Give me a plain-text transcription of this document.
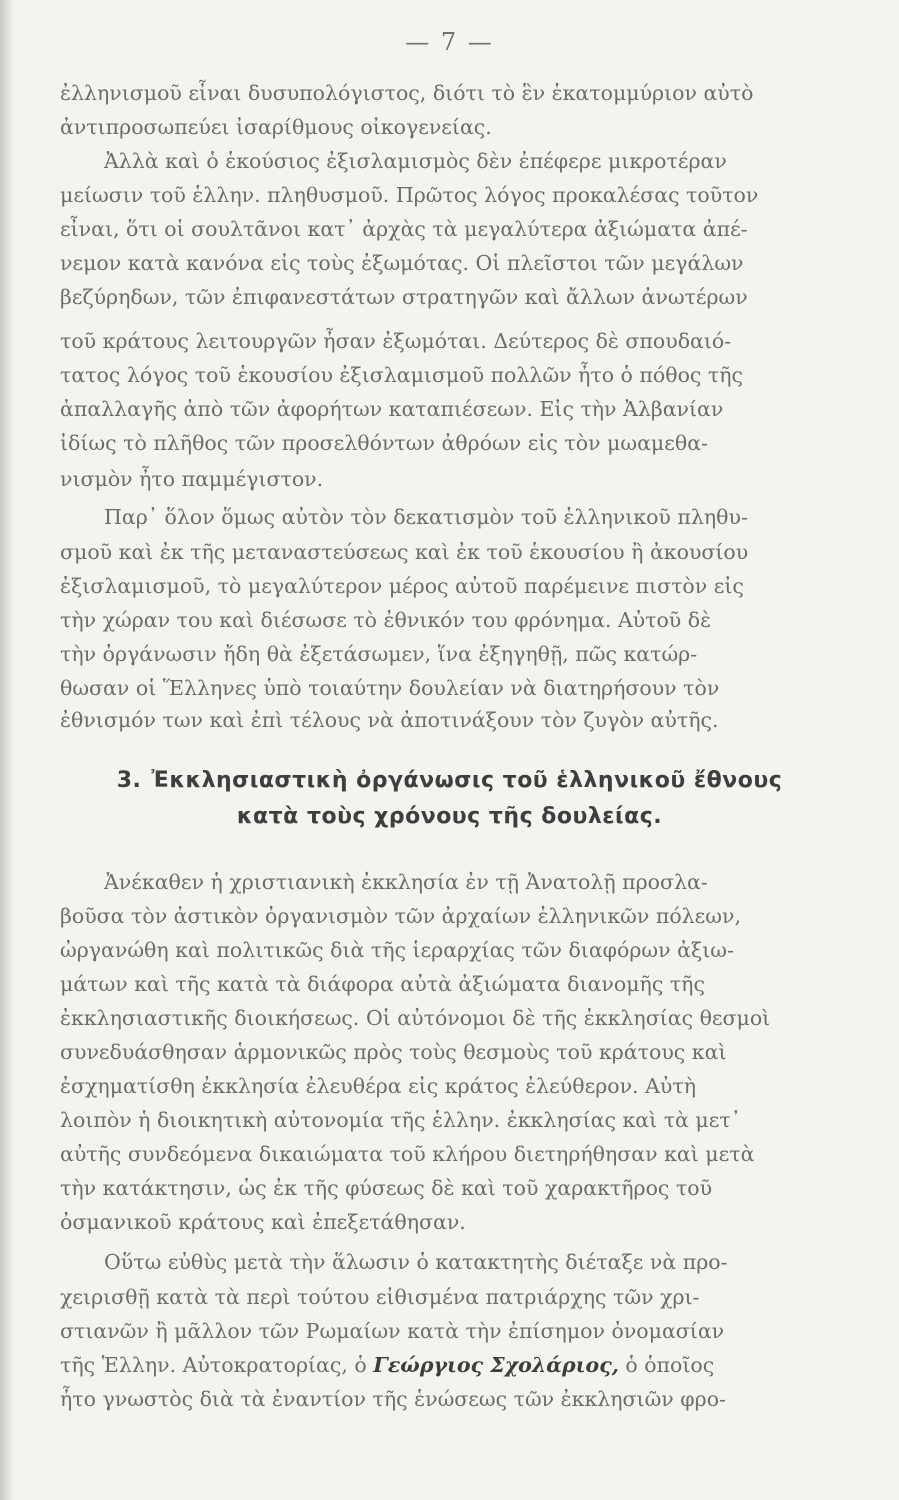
— 7 —
ἐλληνισμοῦ εἶναι δυσυπολόγιστος, διότι τὸ ἓν ἑκατομμύριον αὐτὸ
ἀντιπροσωπεύει ἰσαρίθμους οἰκογενείας.
Ἀλλὰ καὶ ὁ ἑκούσιος ἐξισλαμισμὸς δὲν ἐπέφερε μικροτέραν
μείωσιν τοῦ ἑλλην. πληθυσμοῦ. Πρῶτος λόγος προκαλέσας τοῦτον
εἶναι, ὅτι οἱ σουλτᾶνοι κατ᾿ ἀρχὰς τὰ μεγαλύτερα ἀξιώματα ἀπέ-
νεμον κατὰ κανόνα εἰς τοὺς ἐξωμότας. Οἱ πλεῖστοι τῶν μεγάλων
βεζύρηδων, τῶν ἐπιφανεστάτων στρατηγῶν καὶ ἄλλων ἀνωτέρων
τοῦ κράτους λειτουργῶν ἦσαν ἐξωμόται. Δεύτερος δὲ σπουδαιό-
τατος λόγος τοῦ ἑκουσίου ἐξισλαμισμοῦ πολλῶν ἦτο ὁ πόθος τῆς
ἀπαλλαγῆς ἀπὸ τῶν ἀφορήτων καταπιέσεων. Εἰς τὴν Ἀλβανίαν
ἰδίως τὸ πλῆθος τῶν προσελθόντων ἀθρόων εἰς τὸν μωαμεθα-
νισμὸν ἦτο παμμέγιστον.
Παρ᾿ ὅλον ὅμως αὐτὸν τὸν δεκατισμὸν τοῦ ἑλληνικοῦ πληθυ-
σμοῦ καὶ ἐκ τῆς μεταναστεύσεως καὶ ἐκ τοῦ ἑκουσίου ἢ ἀκουσίου
ἐξισλαμισμοῦ, τὸ μεγαλύτερον μέρος αὐτοῦ παρέμεινε πιστὸν εἰς
τὴν χώραν του καὶ διέσωσε τὸ ἐθνικόν του φρόνημα. Αὐτοῦ δὲ
τὴν ὀργάνωσιν ἤδη θὰ ἐξετάσωμεν, ἵνα ἐξηγηθῇ, πῶς κατώρ-
θωσαν οἱ Ἕλληνες ὑπὸ τοιαύτην δουλείαν νὰ διατηρήσουν τὸν
ἐθνισμόν των καὶ ἐπὶ τέλους νὰ ἀποτινάξουν τὸν ζυγὸν αὐτῆς.
3. Ἐκκλησιαστικὴ ὀργάνωσις τοῦ ἑλληνικοῦ ἔθνους
κατὰ τοὺς χρόνους τῆς δουλείας.
Ἀνέκαθεν ἡ χριστιανικὴ ἐκκλησία ἐν τῇ Ἀνατολῇ προσλα-
βοῦσα τὸν ἀστικὸν ὀργανισμὸν τῶν ἀρχαίων ἑλληνικῶν πόλεων,
ὠργανώθη καὶ πολιτικῶς διὰ τῆς ἱεραρχίας τῶν διαφόρων ἀξιω-
μάτων καὶ τῆς κατὰ τὰ διάφορα αὐτὰ ἀξιώματα διανομῆς τῆς
ἐκκλησιαστικῆς διοικήσεως. Οἱ αὐτόνομοι δὲ τῆς ἐκκλησίας θεσμοὶ
συνεδυάσθησαν ἁρμονικῶς πρὸς τοὺς θεσμοὺς τοῦ κράτους καὶ
ἐσχηματίσθη ἐκκλησία ἐλευθέρα εἰς κράτος ἐλεύθερον. Αὐτὴ
λοιπὸν ἡ διοικητικὴ αὐτονομία τῆς ἑλλην. ἐκκλησίας καὶ τὰ μετ᾿
αὐτῆς συνδεόμενα δικαιώματα τοῦ κλήρου διετηρήθησαν καὶ μετὰ
τὴν κατάκτησιν, ὡς ἐκ τῆς φύσεως δὲ καὶ τοῦ χαρακτῆρος τοῦ
ὀσμανικοῦ κράτους καὶ ἐπεξετάθησαν.
Οὕτω εὐθὺς μετὰ τὴν ἅλωσιν ὁ κατακτητὴς διέταξε νὰ προ-
χειρισθῇ κατὰ τὰ περὶ τούτου εἰθισμένα πατριάρχης τῶν χρι-
στιανῶν ἢ μᾶλλον τῶν Ρωμαίων κατὰ τὴν ἐπίσημον ὀνομασίαν
τῆς Ἑλλην. Αὐτοκρατορίας, ὁ Γεώργιος Σχολάριος, ὁ ὁποῖος
ἦτο γνωστὸς διὰ τὰ ἐναντίον τῆς ἑνώσεως τῶν ἐκκλησιῶν φρο-
